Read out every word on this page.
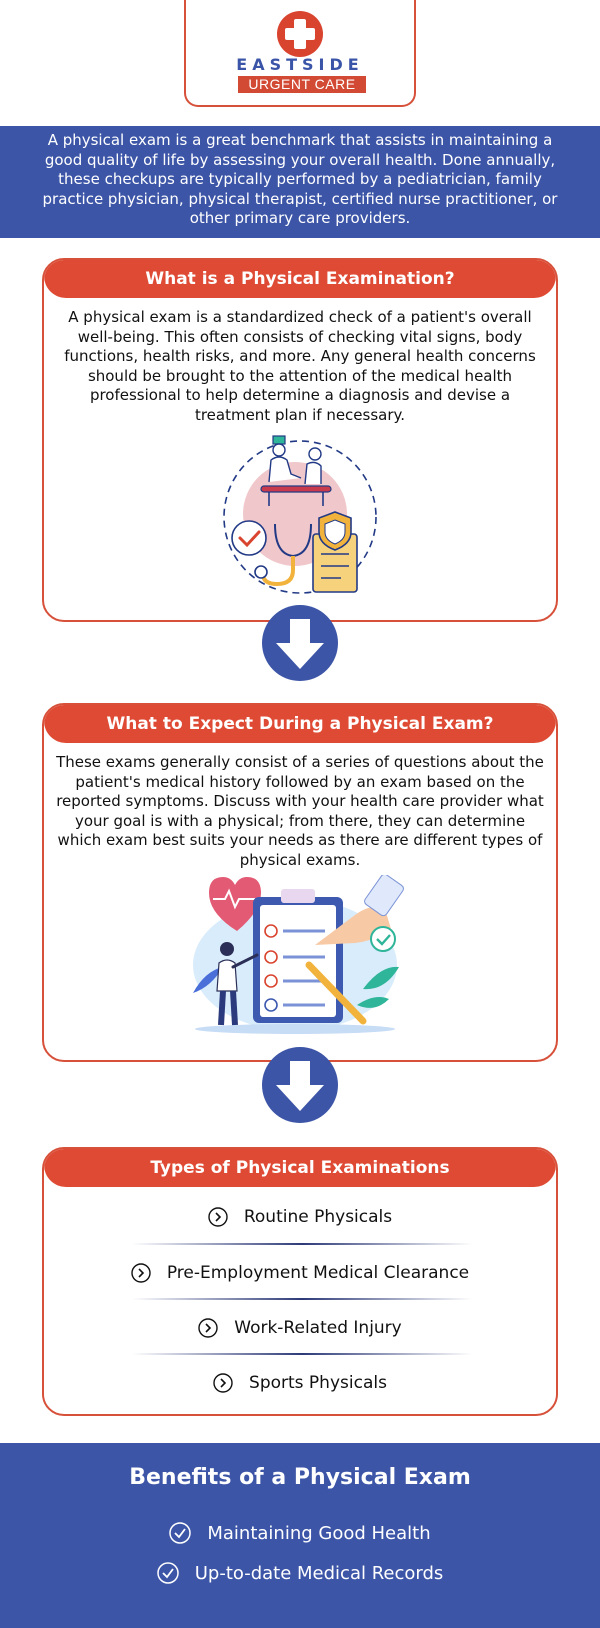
EASTSIDE
URGENT CARE

A physical exam is a great benchmark that assists in maintaining a good quality of life by assessing your overall health. Done annually, these checkups are typically performed by a pediatrician, family practice physician, physical therapist, certified nurse practitioner, or other primary care providers.

What is a Physical Examination?
A physical exam is a standardized check of a patient's overall well-being. This often consists of checking vital signs, body functions, health risks, and more. Any general health concerns should be brought to the attention of the medical health professional to help determine a diagnosis and devise a treatment plan if necessary.
What to Expect During a Physical Exam?
These exams generally consist of a series of questions about the patient's medical history followed by an exam based on the reported symptoms. Discuss with your health care provider what your goal is with a physical; from there, they can determine which exam best suits your needs as there are different types of physical exams.
Types of Physical Examinations
Routine Physicals
Pre-Employment Medical Clearance
Work-Related Injury
Sports Physicals
Benefits of a Physical Exam
Maintaining Good Health
Up-to-date Medical Records
